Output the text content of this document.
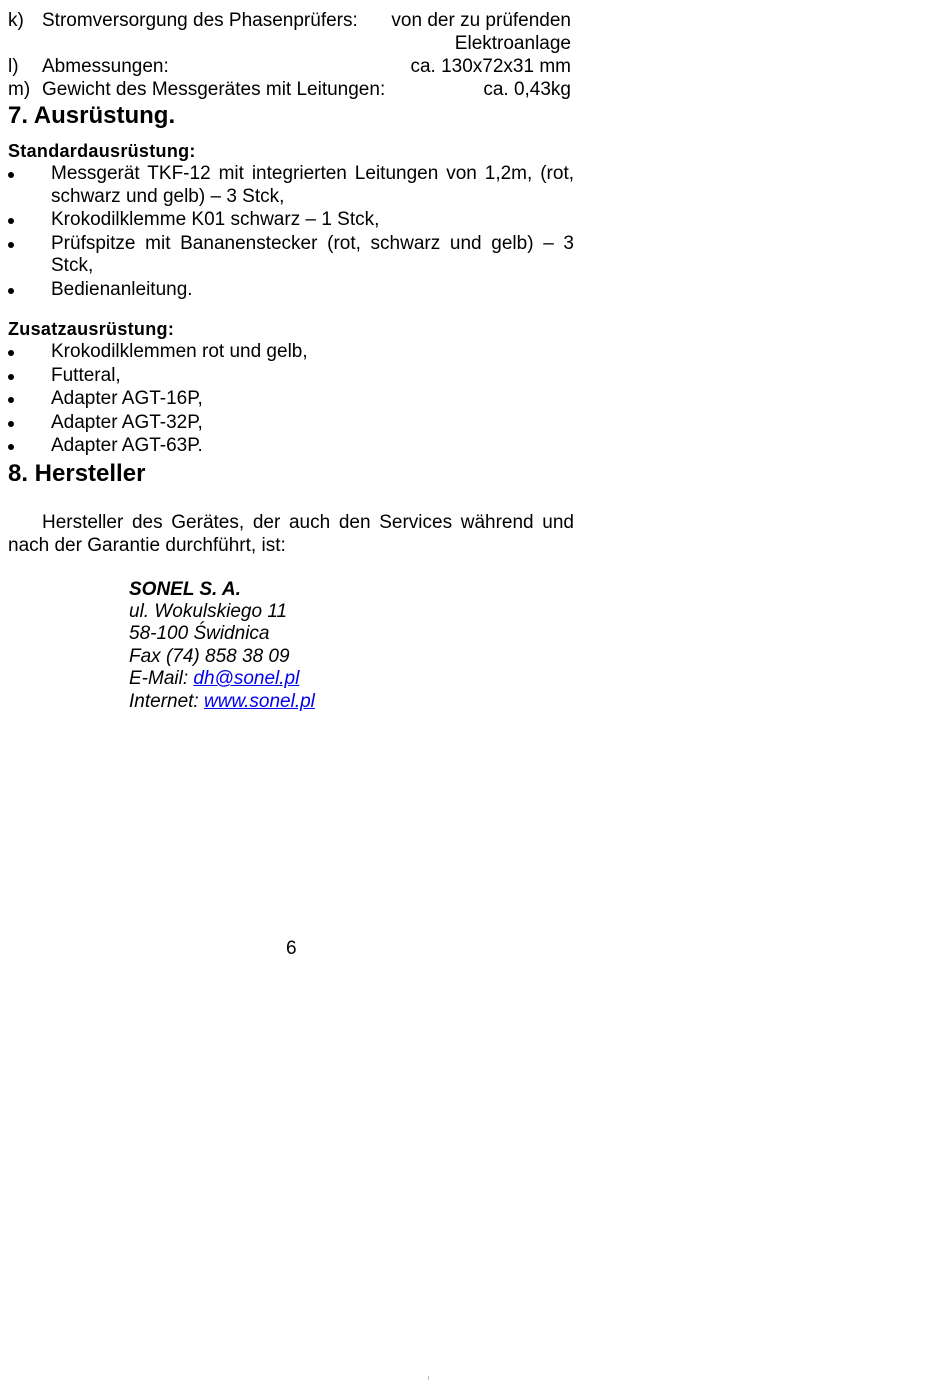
k) Stromversorgung des Phasenprüfers:	von der zu prüfenden
Elektroanlage
l)	Abmessungen:	ca. 130x72x31 mm
m) Gewicht des Messgerätes mit Leitungen:	ca. 0,43kg
7. Ausrüstung.
Standardausrüstung:
Messgerät TKF-12 mit integrierten Leitungen von 1,2m, (rot, schwarz und gelb) – 3 Stck,
Krokodilklemme K01 schwarz – 1 Stck,
Prüfspitze mit Bananenstecker (rot, schwarz und gelb) – 3 Stck,
Bedienanleitung.
Zusatzausrüstung:
Krokodilklemmen rot und gelb,
Futteral,
Adapter AGT-16P,
Adapter AGT-32P,
Adapter AGT-63P.
8. Hersteller

Hersteller des Gerätes, der auch den Services während und nach der Garantie durchführt, ist:

SONEL S. A.
ul. Wokulskiego 11
58-100 Świdnica
Fax (74) 858 38 09
E-Mail: dh@sonel.pl
Internet: www.sonel.pl
6
